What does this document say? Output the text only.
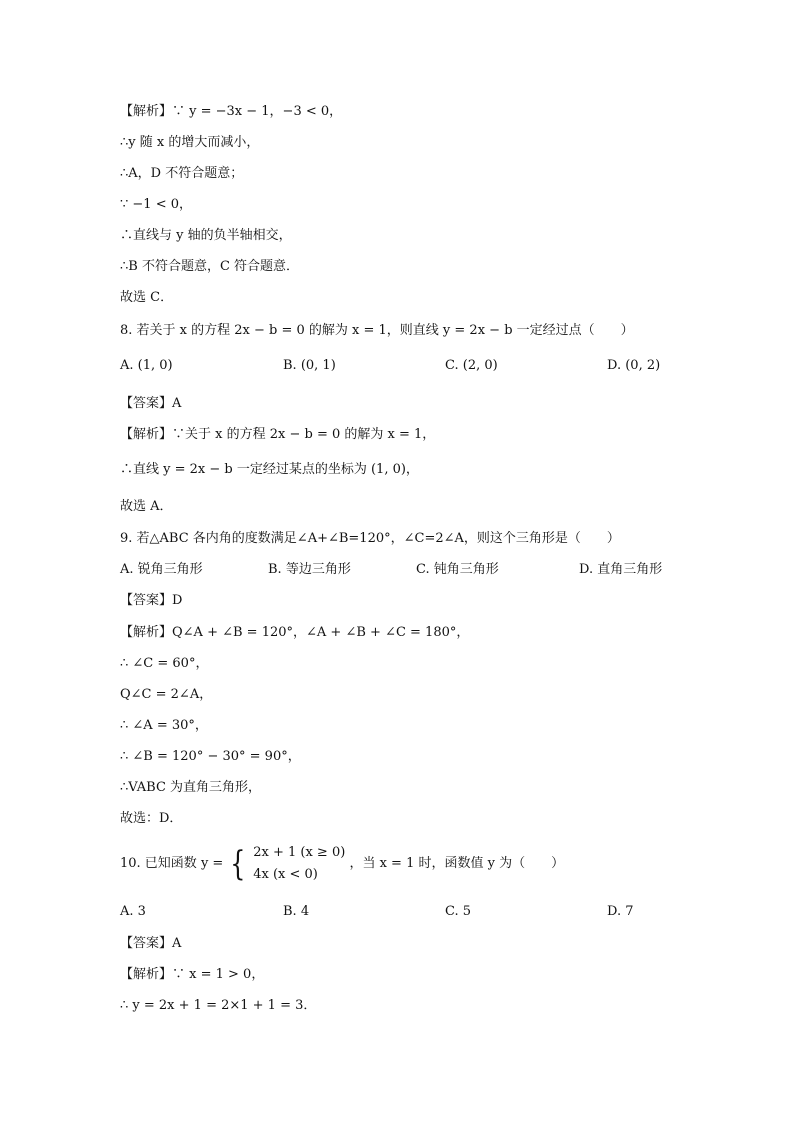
【解析】∵ y = −3x − 1，−3 < 0，
∴y 随 x 的增大而减小，
∴A，D 不符合题意；
∵ −1 < 0，
∴直线与 y 轴的负半轴相交，
∴B 不符合题意，C 符合题意．
故选 C．
8. 若关于 x 的方程 2x − b = 0 的解为 x = 1，则直线 y = 2x − b 一定经过点（　　）
A. (1, 0)	B. (0, 1)	C. (2, 0)	D. (0, 2)
【答案】A
【解析】∵关于 x 的方程 2x − b = 0 的解为 x = 1，
∴直线 y = 2x − b 一定经过某点的坐标为 (1, 0)，
故选 A．
9. 若△ABC 各内角的度数满足∠A+∠B=120°，∠C=2∠A，则这个三角形是（　　）
A. 锐角三角形	B. 等边三角形	C. 钝角三角形	D. 直角三角形
【答案】D
【解析】Q∠A + ∠B = 120°，∠A + ∠B + ∠C = 180°，
∴ ∠C = 60°，
Q∠C = 2∠A，
∴ ∠A = 30°，
∴ ∠B = 120° − 30° = 90°，
∴VABC 为直角三角形，
故选：D．
10. 已知函数 y = { 2x + 1 (x ≥ 0)
4x (x < 0)
，当 x = 1 时，函数值 y 为（　　）
A. 3	B. 4	C. 5	D. 7
【答案】A
【解析】∵ x = 1 > 0，
∴ y = 2x + 1 = 2×1 + 1 = 3．
